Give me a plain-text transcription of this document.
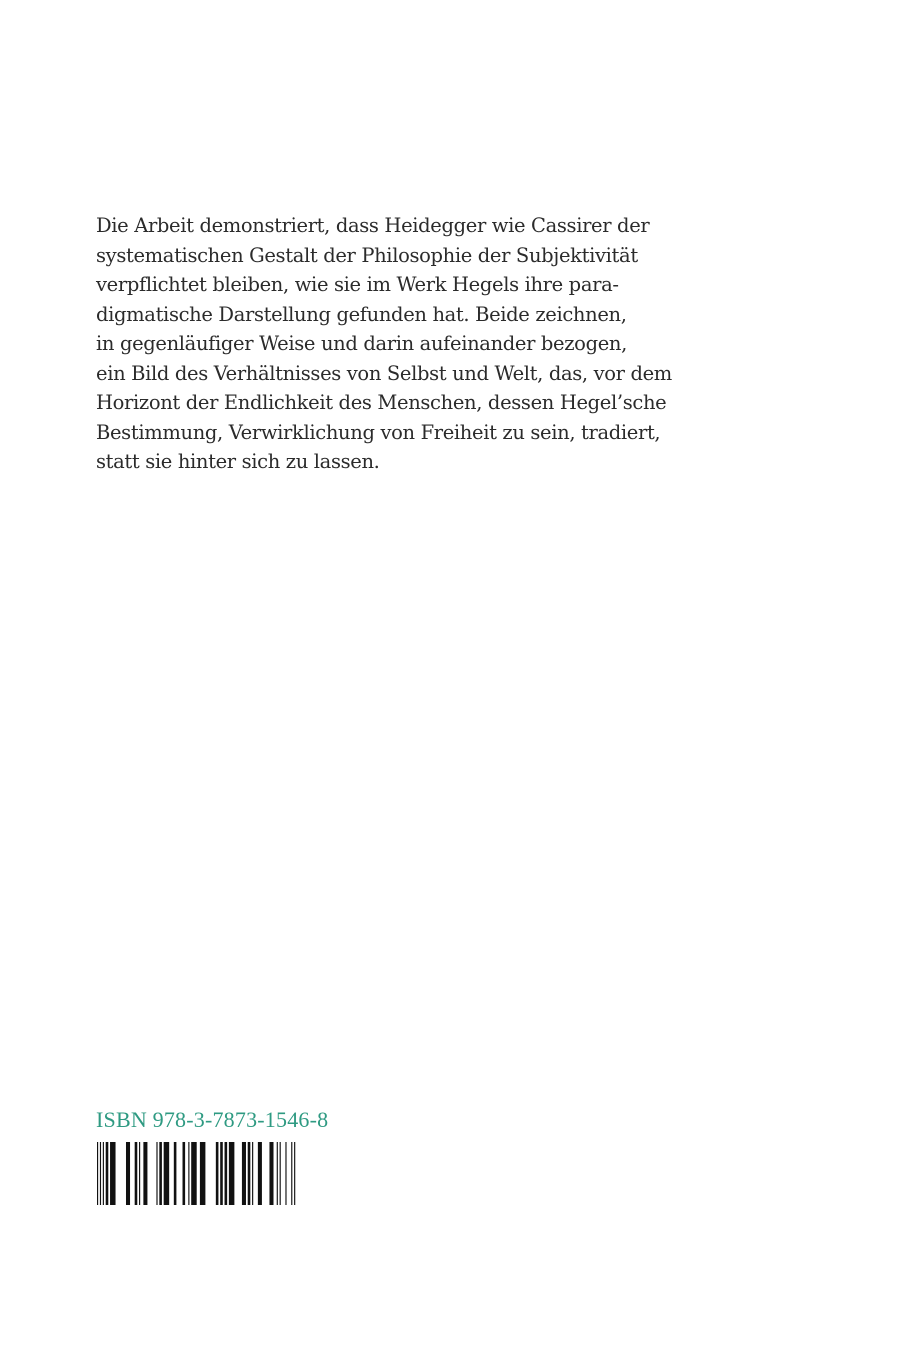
Die Arbeit demonstriert, dass Heidegger wie Cassirer der
systematischen Gestalt der Philosophie der Subjektivität
verpflichtet bleiben, wie sie im Werk Hegels ihre para-
digmatische Darstellung gefunden hat. Beide zeichnen,
in gegenläufiger Weise und darin aufeinander bezogen,
ein Bild des Verhältnisses von Selbst und Welt, das, vor dem
Horizont der Endlichkeit des Menschen, dessen Hegel’sche
Bestimmung, Verwirklichung von Freiheit zu sein, tradiert,
statt sie hinter sich zu lassen.

ISBN 978-3-7873-1546-8
